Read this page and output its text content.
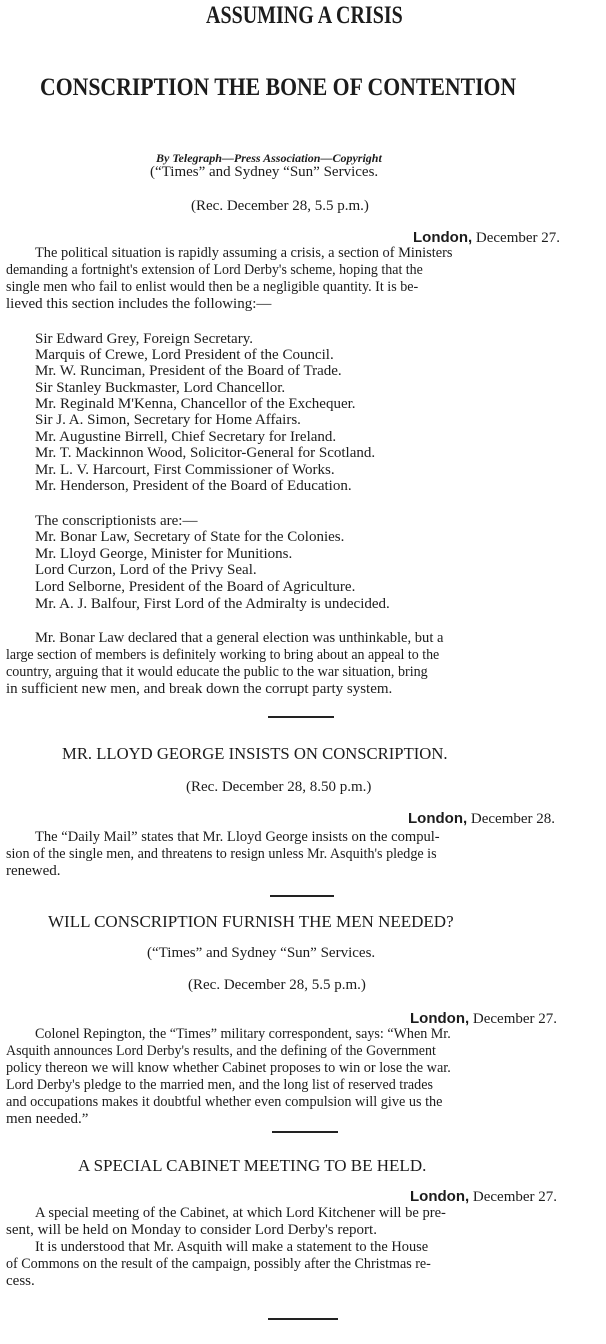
ASSUMING A CRISIS
CONSCRIPTION THE BONE OF CONTENTION
By Telegraph—Press Association—Copyright
(“Times” and Sydney “Sun” Services.
(Rec. December 28, 5.5 p.m.)
London, December 27.
The political situation is rapidly assuming a crisis, a section of Ministers
demanding a fortnight's extension of Lord Derby's scheme, hoping that the
single men who fail to enlist would then be a negligible quantity. It is be-
lieved this section includes the following:—
Sir Edward Grey, Foreign Secretary.
Marquis of Crewe, Lord President of the Council.
Mr. W. Runciman, President of the Board of Trade.
Sir Stanley Buckmaster, Lord Chancellor.
Mr. Reginald M'Kenna, Chancellor of the Exchequer.
Sir J. A. Simon, Secretary for Home Affairs.
Mr. Augustine Birrell, Chief Secretary for Ireland.
Mr. T. Mackinnon Wood, Solicitor-General for Scotland.
Mr. L. V. Harcourt, First Commissioner of Works.
Mr. Henderson, President of the Board of Education.
The conscriptionists are:—
Mr. Bonar Law, Secretary of State for the Colonies.
Mr. Lloyd George, Minister for Munitions.
Lord Curzon, Lord of the Privy Seal.
Lord Selborne, President of the Board of Agriculture.
Mr. A. J. Balfour, First Lord of the Admiralty is undecided.
Mr. Bonar Law declared that a general election was unthinkable, but a
large section of members is definitely working to bring about an appeal to the
country, arguing that it would educate the public to the war situation, bring
in sufficient new men, and break down the corrupt party system.
MR. LLOYD GEORGE INSISTS ON CONSCRIPTION.
(Rec. December 28, 8.50 p.m.)
London, December 28.
The “Daily Mail” states that Mr. Lloyd George insists on the compul-
sion of the single men, and threatens to resign unless Mr. Asquith's pledge is
renewed.
WILL CONSCRIPTION FURNISH THE MEN NEEDED?
(“Times” and Sydney “Sun” Services.
(Rec. December 28, 5.5 p.m.)
London, December 27.
Colonel Repington, the “Times” military correspondent, says: “When Mr.
Asquith announces Lord Derby's results, and the defining of the Government
policy thereon we will know whether Cabinet proposes to win or lose the war.
Lord Derby's pledge to the married men, and the long list of reserved trades
and occupations makes it doubtful whether even compulsion will give us the
men needed.”
A SPECIAL CABINET MEETING TO BE HELD.
London, December 27.
A special meeting of the Cabinet, at which Lord Kitchener will be pre-
sent, will be held on Monday to consider Lord Derby's report.
It is understood that Mr. Asquith will make a statement to the House
of Commons on the result of the campaign, possibly after the Christmas re-
cess.
